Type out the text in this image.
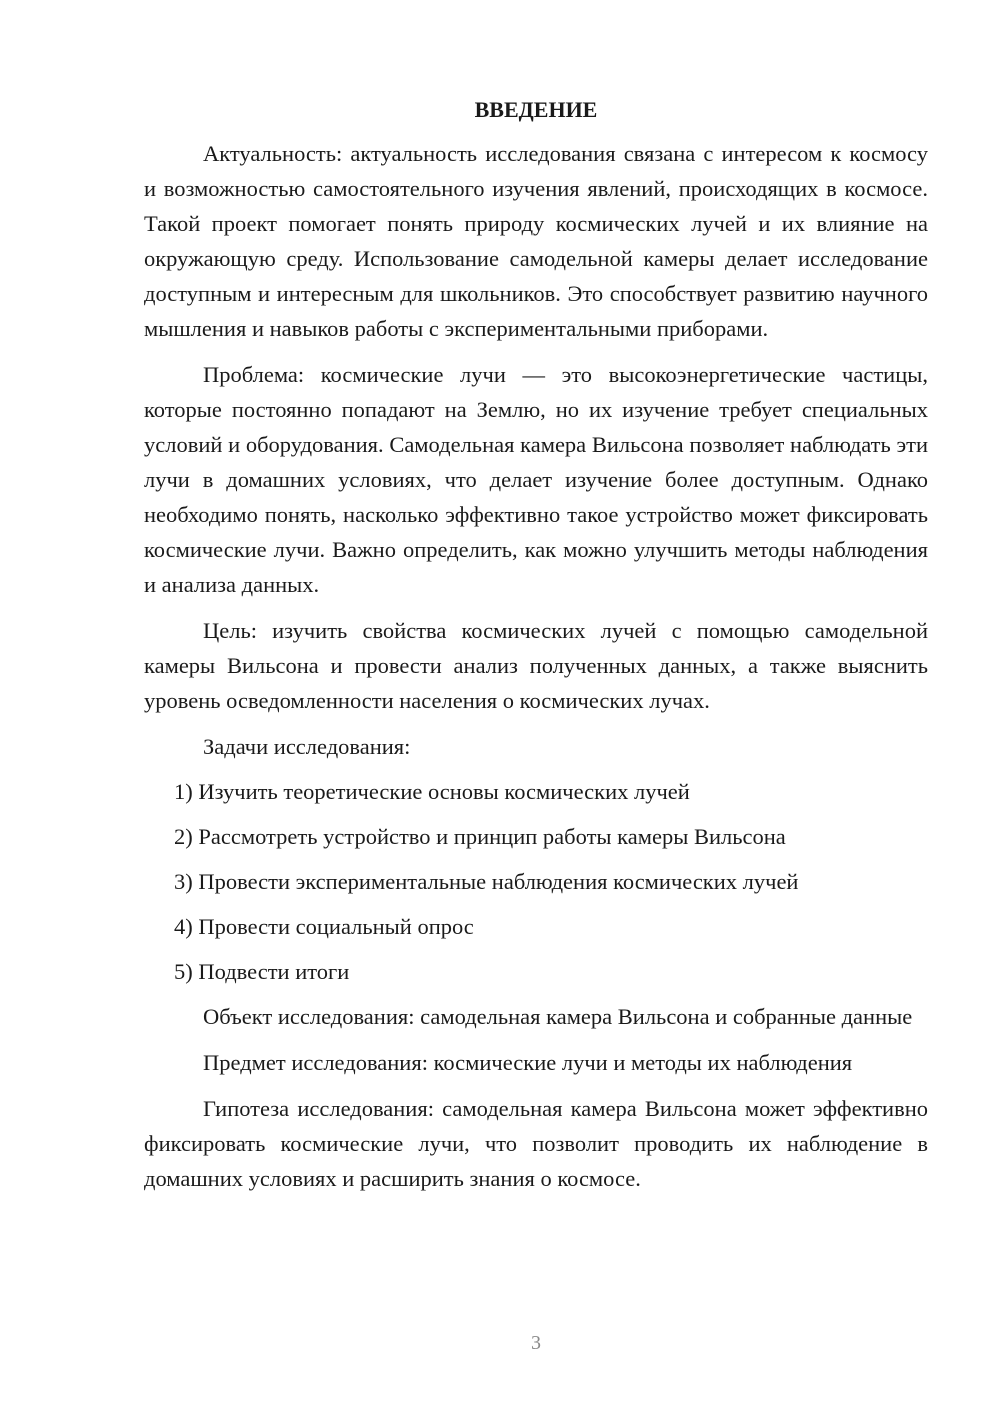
ВВЕДЕНИЕ

Актуальность: актуальность исследования связана с интересом к космосу и возможностью самостоятельного изучения явлений, происходящих в космосе. Такой проект помогает понять природу космических лучей и их влияние на окружающую среду. Использование самодельной камеры делает исследование доступным и интересным для школьников. Это способствует развитию научного мышления и навыков работы с экспериментальными приборами.

Проблема: космические лучи — это высокоэнергетические частицы, которые постоянно попадают на Землю, но их изучение требует специальных условий и оборудования. Самодельная камера Вильсона позволяет наблюдать эти лучи в домашних условиях, что делает изучение более доступным. Однако необходимо понять, насколько эффективно такое устройство может фиксировать космические лучи. Важно определить, как можно улучшить методы наблюдения и анализа данных.

Цель: изучить свойства космических лучей с помощью самодельной камеры Вильсона и провести анализ полученных данных, а также выяснить уровень осведомленности населения о космических лучах.

Задачи исследования:
1) Изучить теоретические основы космических лучей
2) Рассмотреть устройство и принцип работы камеры Вильсона
3) Провести экспериментальные наблюдения космических лучей
4) Провести социальный опрос
5) Подвести итоги

Объект исследования: самодельная камера Вильсона и собранные данные

Предмет исследования: космические лучи и методы их наблюдения

Гипотеза исследования: самодельная камера Вильсона может эффективно фиксировать космические лучи, что позволит проводить их наблюдение в домашних условиях и расширить знания о космосе.

3
